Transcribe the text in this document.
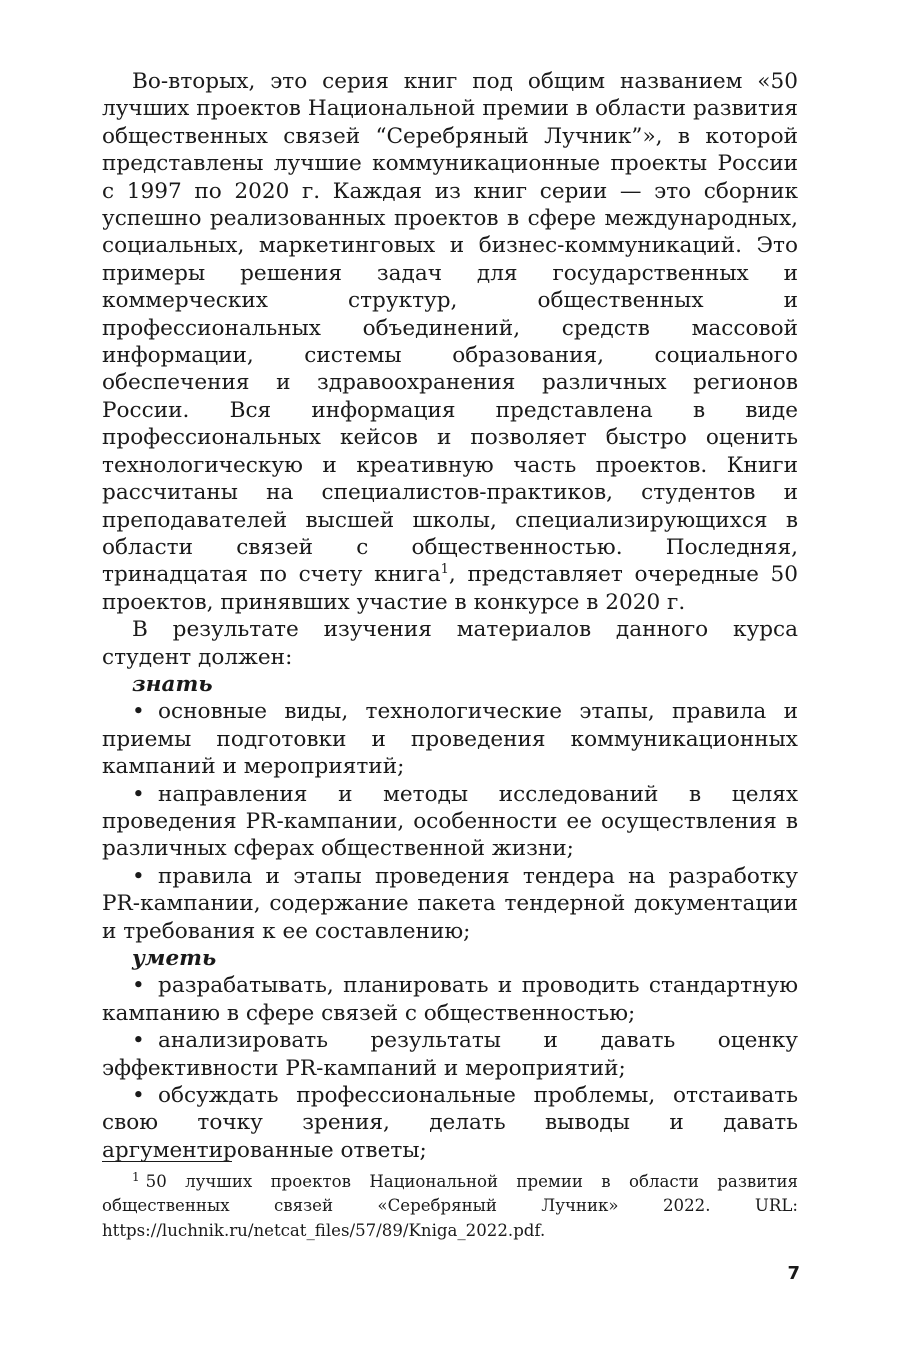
Во-вторых, это серия книг под общим названием «50 лучших проектов Национальной премии в области развития общественных связей “Серебряный Лучник”», в которой представлены лучшие коммуникационные проекты России с 1997 по 2020 г. Каждая из книг серии — это сборник успешно реализованных проектов в сфере международных, социальных, маркетинговых и бизнес-коммуникаций. Это примеры решения задач для государственных и коммерческих структур, общественных и профессиональных объединений, средств массовой информации, системы образования, социального обеспечения и здравоохранения различных регионов России. Вся информация представлена в виде профессиональных кейсов и позволяет быстро оценить технологическую и креативную часть проектов. Книги рассчитаны на специалистов-практиков, студентов и преподавателей высшей школы, специализирующихся в области связей с общественностью. Последняя, тринадцатая по счету книга$^1$, представляет очередные 50 проектов, принявших участие в конкурсе в 2020 г.

В результате изучения материалов данного курса студент должен:

знать

• основные виды, технологические этапы, правила и приемы подготовки и проведения коммуникационных кампаний и мероприятий;

• направления и методы исследований в целях проведения PR-кампании, особенности ее осуществления в различных сферах общественной жизни;

• правила и этапы проведения тендера на разработку PR-кампании, содержание пакета тендерной документации и требования к ее составлению;

уметь

• разрабатывать, планировать и проводить стандартную кампанию в сфере связей с общественностью;

• анализировать результаты и давать оценку эффективности PR-кампаний и мероприятий;

• обсуждать профессиональные проблемы, отстаивать свою точку зрения, делать выводы и давать аргументированные ответы;

$^1$ 50 лучших проектов Национальной премии в области развития общественных связей «Серебряный Лучник» 2022. URL: https://luchnik.ru/netcat_files/57/89/Kniga_2022.pdf.

7
